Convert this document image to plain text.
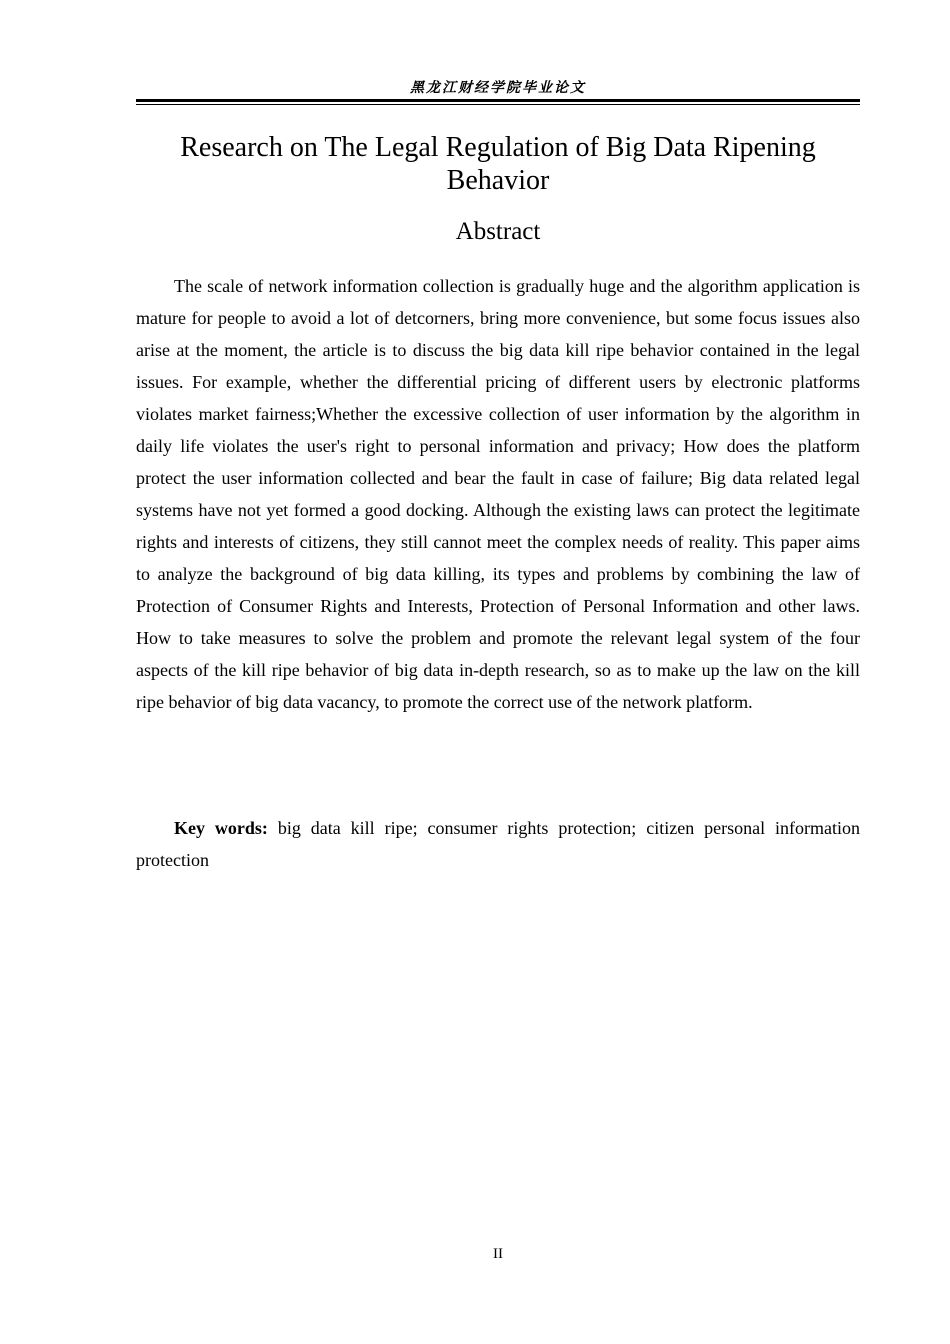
黑龙江财经学院毕业论文
Research on The Legal Regulation of Big Data Ripening Behavior
Abstract

The scale of network information collection is gradually huge and the algorithm application is mature for people to avoid a lot of detcorners, bring more convenience, but some focus issues also arise at the moment, the article is to discuss the big data kill ripe behavior contained in the legal issues. For example, whether the differential pricing of different users by electronic platforms violates market fairness;Whether the excessive collection of user information by the algorithm in daily life violates the user's right to personal information and privacy; How does the platform protect the user information collected and bear the fault in case of failure; Big data related legal systems have not yet formed a good docking. Although the existing laws can protect the legitimate rights and interests of citizens, they still cannot meet the complex needs of reality. This paper aims to analyze the background of big data killing, its types and problems by combining the law of Protection of Consumer Rights and Interests, Protection of Personal Information and other laws. How to take measures to solve the problem and promote the relevant legal system of the four aspects of the kill ripe behavior of big data in-depth research, so as to make up the law on the kill ripe behavior of big data vacancy, to promote the correct use of the network platform.

Key words: big data kill ripe; consumer rights protection; citizen personal information protection

II
